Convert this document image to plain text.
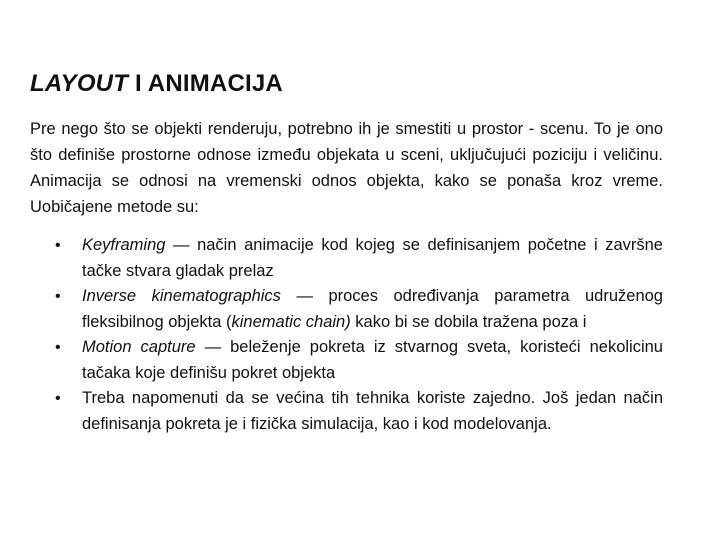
LAYOUT I ANIMACIJA

Pre nego što se objekti renderuju, potrebno ih je smestiti u prostor - scenu. To je ono što definiše prostorne odnose između objekata u sceni, uključujući poziciju i veličinu. Animacija se odnosi na vremenski odnos objekta, kako se ponaša kroz vreme. Uobičajene metode su:

• Keyframing — način animacije kod kojeg se definisanjem početne i završne tačke stvara gladak prelaz
• Inverse kinematographics — proces određivanja parametra udruženog fleksibilnog objekta (kinematic chain) kako bi se dobila tražena poza i
• Motion capture — beleženje pokreta iz stvarnog sveta, koristeći nekolicinu tačaka koje definišu pokret objekta
• Treba napomenuti da se većina tih tehnika koriste zajedno. Još jedan način definisanja pokreta je i fizička simulacija, kao i kod modelovanja.
